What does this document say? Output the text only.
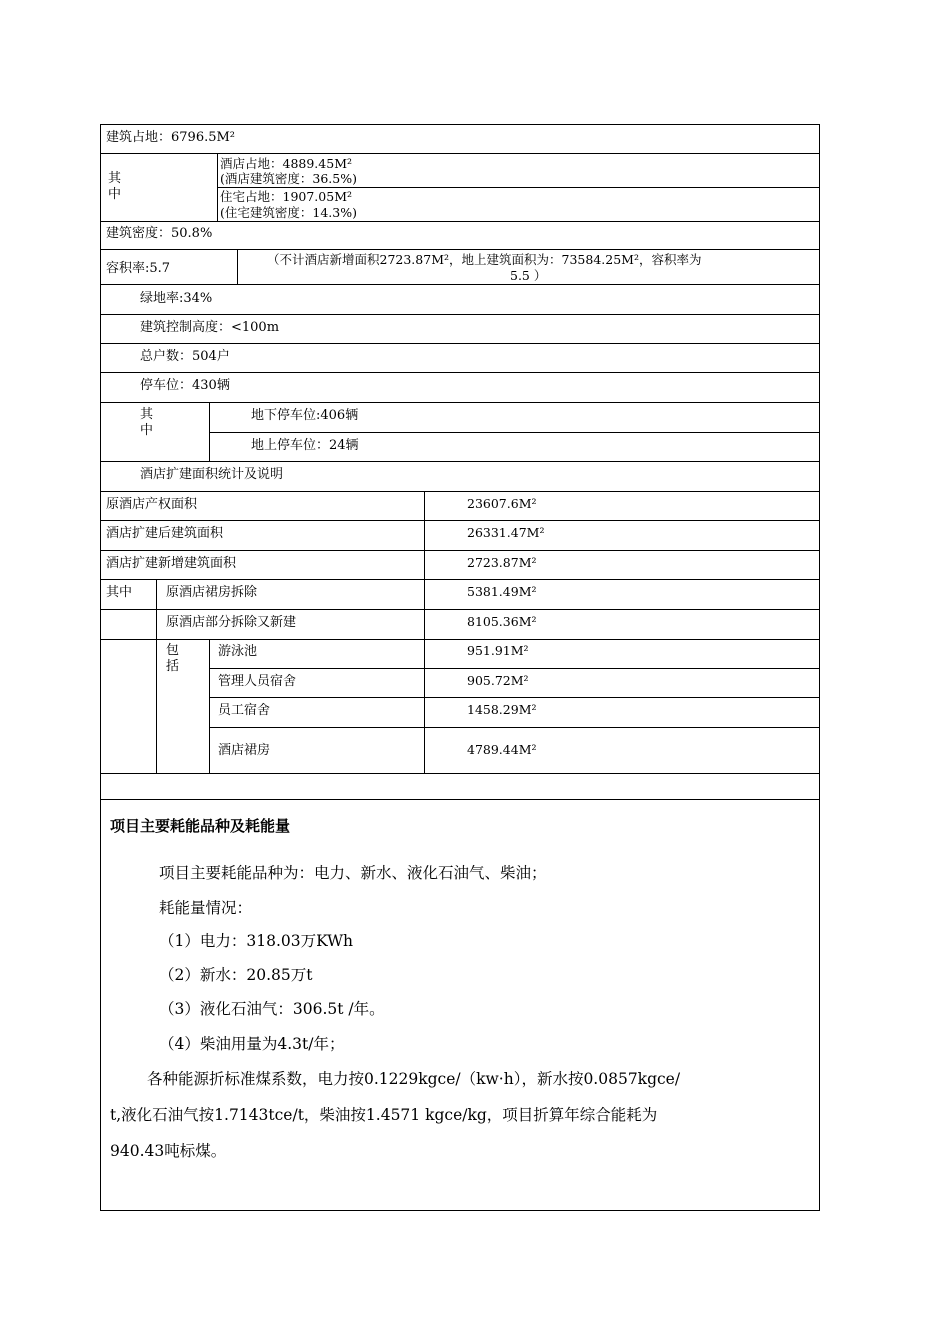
建筑占地：6796.5M²
其
中
酒店占地：4889.45M²
(酒店建筑密度：36.5%)
住宅占地：1907.05M²
(住宅建筑密度：14.3%)
建筑密度：50.8%
容积率:5.7
（不计酒店新增面积2723.87M²，地上建筑面积为：73584.25M²，容积率为
5.5 ）
绿地率:34%
建筑控制高度：<100m
总户数：504户
停车位：430辆
其
中
地下停车位:406辆
地上停车位：24辆
酒店扩建面积统计及说明
原酒店产权面积	23607.6M²
酒店扩建后建筑面积	26331.47M²
酒店扩建新增建筑面积	2723.87M²
其中	原酒店裙房拆除	5381.49M²
原酒店部分拆除又新建	8105.36M²
包
括
游泳池	951.91M²
管理人员宿舍	905.72M²
员工宿舍	1458.29M²
酒店裙房	4789.44M²
项目主要耗能品种及耗能量
项目主要耗能品种为：电力、新水、液化石油气、柴油；
耗能量情况：
（1）电力：318.03万KWh
（2）新水：20.85万t
（3）液化石油气：306.5t /年。
（4）柴油用量为4.3t/年；
各种能源折标准煤系数，电力按0.1229kgce/（kw·h），新水按0.0857kgce/
t,液化石油气按1.7143tce/t，柴油按1.4571 kgce/kg，项目折算年综合能耗为
940.43吨标煤。
